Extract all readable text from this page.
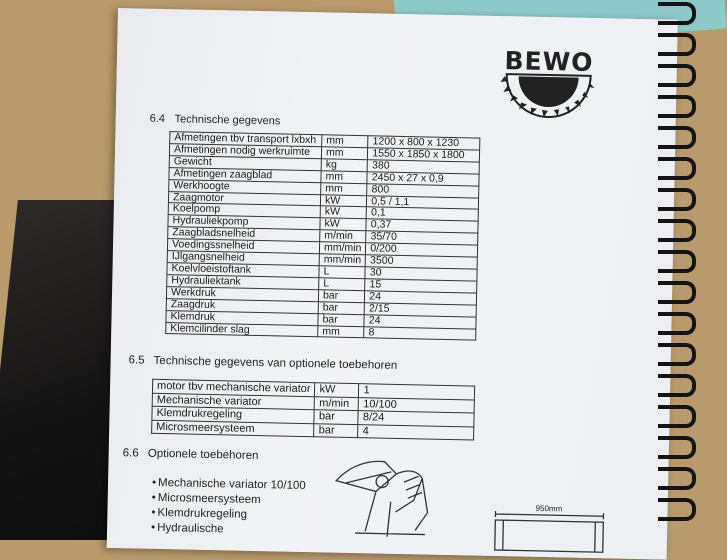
BEWO
6.4 Technische gegevens
Afmetingen tbv transport lxbxh	mm	1200 x 800 x 1230
Afmetingen nodig werkruimte	mm	1550 x 1850 x 1800
Gewicht	kg	380
Afmetingen zaagblad	mm	2450 x 27 x 0,9
Werkhoogte	mm	800
Zaagmotor	kW	0,5 / 1,1
Koelpomp	kW	0,1
Hydrauliekpomp	kW	0,37
Zaagbladsnelheid	m/min	35/70
Voedingssnelheid	mm/min	0/200
IJlgangsnelheid	mm/min	3500
Koelvloeistoftank	L	30
Hydrauliektank	L	15
Werkdruk	bar	24
Zaagdruk	bar	2/15
Klemdruk	bar	24
Klemcilinder slag	mm	8
6.5 Technische gegevens van optionele toebehoren
motor tbv mechanische variator	kW	1
Mechanische variator	m/min	10/100
Klemdrukregeling	bar	8/24
Microsmeersysteem	bar	4
6.6 Optionele toebehoren
• Mechanische variator 10/100
• Microsmeersysteem
• Klemdrukregeling
• Hydraulische
950mm
